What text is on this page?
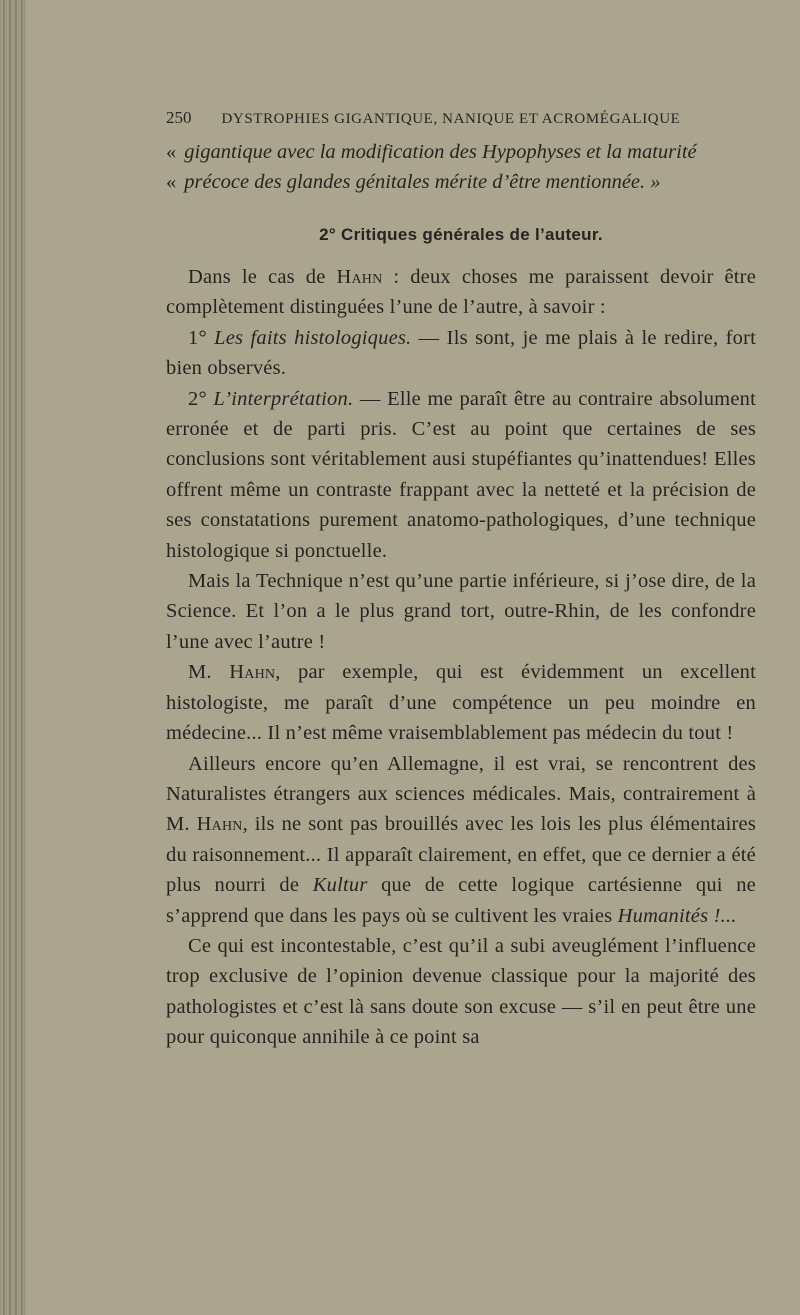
250 DYSTROPHIES GIGANTIQUE, NANIQUE ET ACROMÉGALIQUE
« gigantique avec la modification des Hypophyses et la maturité
« précoce des glandes génitales mérite d’être mentionnée. »
2° Critiques générales de l’auteur.

Dans le cas de Hahn : deux choses me paraissent devoir être complètement distinguées l’une de l’autre, à savoir :

1° Les faits histologiques. — Ils sont, je me plais à le redire, fort bien observés.

2° L’interprétation. — Elle me paraît être au contraire absolument erronée et de parti pris. C’est au point que certaines de ses conclusions sont véritablement ausi stupéfiantes qu’inattendues! Elles offrent même un contraste frappant avec la netteté et la précision de ses constatations purement anatomo-pathologiques, d’une technique histologique si ponctuelle.

Mais la Technique n’est qu’une partie inférieure, si j’ose dire, de la Science. Et l’on a le plus grand tort, outre-Rhin, de les confondre l’une avec l’autre !

M. Hahn, par exemple, qui est évidemment un excellent histologiste, me paraît d’une compétence un peu moindre en médecine... Il n’est même vraisemblablement pas médecin du tout !

Ailleurs encore qu’en Allemagne, il est vrai, se rencontrent des Naturalistes étrangers aux sciences médicales. Mais, contrairement à M. Hahn, ils ne sont pas brouillés avec les lois les plus élémentaires du raisonnement... Il apparaît clairement, en effet, que ce dernier a été plus nourri de Kultur que de cette logique cartésienne qui ne s’apprend que dans les pays où se cultivent les vraies Humanités !...

Ce qui est incontestable, c’est qu’il a subi aveuglément l’influence trop exclusive de l’opinion devenue classique pour la majorité des pathologistes et c’est là sans doute son excuse — s’il en peut être une pour quiconque annihile à ce point sa
